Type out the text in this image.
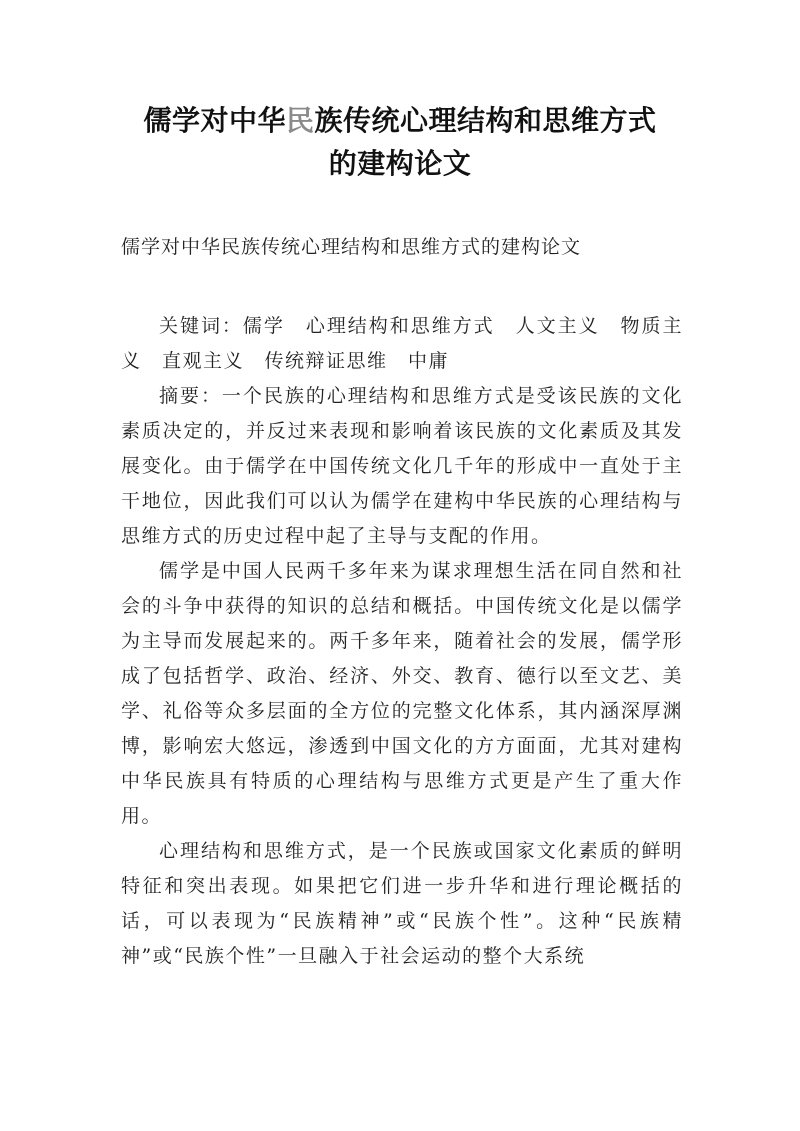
儒学对中华民族传统心理结构和思维方式
的建构论文
儒学对中华民族传统心理结构和思维方式的建构论文

关键词：儒学　心理结构和思维方式　人文主义　物质主义　直观主义　传统辩证思维　中庸

摘要：一个民族的心理结构和思维方式是受该民族的文化素质决定的，并反过来表现和影响着该民族的文化素质及其发展变化。由于儒学在中国传统文化几千年的形成中一直处于主干地位，因此我们可以认为儒学在建构中华民族的心理结构与思维方式的历史过程中起了主导与支配的作用。

儒学是中国人民两千多年来为谋求理想生活在同自然和社会的斗争中获得的知识的总结和概括。中国传统文化是以儒学为主导而发展起来的。两千多年来，随着社会的发展，儒学形成了包括哲学、政治、经济、外交、教育、德行以至文艺、美学、礼俗等众多层面的全方位的完整文化体系，其内涵深厚渊博，影响宏大悠远，渗透到中国文化的方方面面，尤其对建构中华民族具有特质的心理结构与思维方式更是产生了重大作用。

心理结构和思维方式，是一个民族或国家文化素质的鲜明特征和突出表现。如果把它们进一步升华和进行理论概括的话，可以表现为“民族精神”或“民族个性”。这种“民族精神”或“民族个性”一旦融入于社会运动的整个大系统
